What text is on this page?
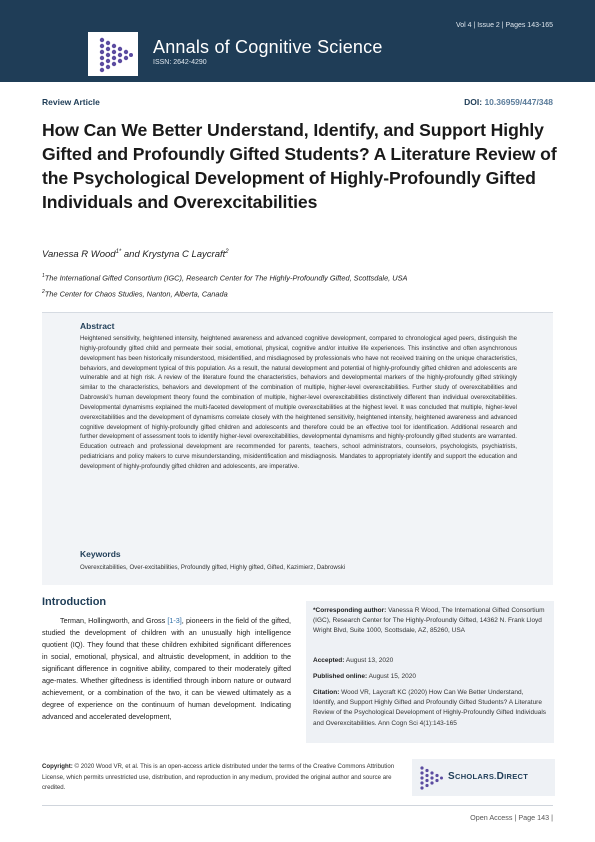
Vol 4 | Issue 2 | Pages 143-165
Annals of Cognitive Science
ISSN: 2642-4290
Review Article	DOI: 10.36959/447/348
How Can We Better Understand, Identify, and Support Highly Gifted and Profoundly Gifted Students? A Literature Review of the Psychological Development of Highly-Profoundly Gifted Individuals and Overexcitabilities
Vanessa R Wood$^{1*}$ and Krystyna C Laycraft$^2$
$^1$The International Gifted Consortium (IGC), Research Center for The Highly-Profoundly Gifted, Scottsdale, USA
$^2$The Center for Chaos Studies, Nanton, Alberta, Canada
Abstract

Heightened sensitivity, heightened intensity, heightened awareness and advanced cognitive development, compared to chronological aged peers, distinguish the highly-profoundly gifted child and permeate their social, emotional, physical, cognitive and/or intuitive life experiences. This instinctive and often asynchronous development has been historically misunderstood, misidentified, and misdiagnosed by professionals who have not received training on the unique characteristics, behaviors, and development typical of this population. As a result, the natural development and potential of highly-profoundly gifted children and adolescents are vulnerable and at high risk. A review of the literature found the characteristics, behaviors and developmental markers of the highly-profoundly gifted strikingly similar to the characteristics, behaviors and development of the combination of multiple, higher-level overexcitabilities. Further study of overexcitabilities and Dabrowski's human development theory found the combination of multiple, higher-level overexcitabilities distinctively different than individual overexcitabilities. Developmental dynamisms explained the multi-faceted development of multiple overexcitabilities at the highest level. It was concluded that multiple, higher-level overexcitabilities and the development of dynamisms correlate closely with the heightened sensitivity, heightened intensity, heightened awareness and advanced cognitive development of highly-profoundly gifted children and adolescents and therefore could be an effective tool for identification. Additional research and further development of assessment tools to identify higher-level overexcitabilities, developmental dynamisms and highly-profoundly gifted students are warranted. Education outreach and professional development are recommended for parents, teachers, school administrators, counselors, psychologists, psychiatrists, pediatricians and policy makers to curve misunderstanding, misidentification and misdiagnosis. Mandates to appropriately identify and support the education and development of highly-profoundly gifted children and adolescents, are imperative.

Keywords
Overexcitabilities, Over-excitabilities, Profoundly gifted, Highly gifted, Gifted, Kazimierz, Dabrowski
Introduction

Terman, Hollingworth, and Gross [1-3], pioneers in the field of the gifted, studied the development of children with an unusually high intelligence quotient (IQ). They found that these children exhibited significant differences in social, emotional, physical, and altruistic development, in addition to the significant difference in cognitive ability, compared to their moderately gifted age-mates. Whether giftedness is identified through inborn nature or outward achievement, or a combination of the two, it can be viewed ultimately as a degree of experience on the continuum of human development. Indicating advanced and accelerated development,

*Corresponding author: Vanessa R Wood, The International Gifted Consortium (IGC), Research Center for The Highly-Profoundly Gifted, 14362 N. Frank Lloyd Wright Blvd, Suite 1000, Scottsdale, AZ, 85260, USA

Accepted: August 13, 2020

Published online: August 15, 2020

Citation: Wood VR, Laycraft KC (2020) How Can We Better Understand, Identify, and Support Highly Gifted and Profoundly Gifted Students? A Literature Review of the Psychological Development of Highly-Profoundly Gifted Individuals and Overexcitabilities. Ann Cogn Sci 4(1):143-165

Copyright: © 2020 Wood VR, et al. This is an open-access article distributed under the terms of the Creative Commons Attribution License, which permits unrestricted use, distribution, and reproduction in any medium, provided the original author and source are credited.

SCHOLARS.DIRECT
Open Access | Page 143 |
